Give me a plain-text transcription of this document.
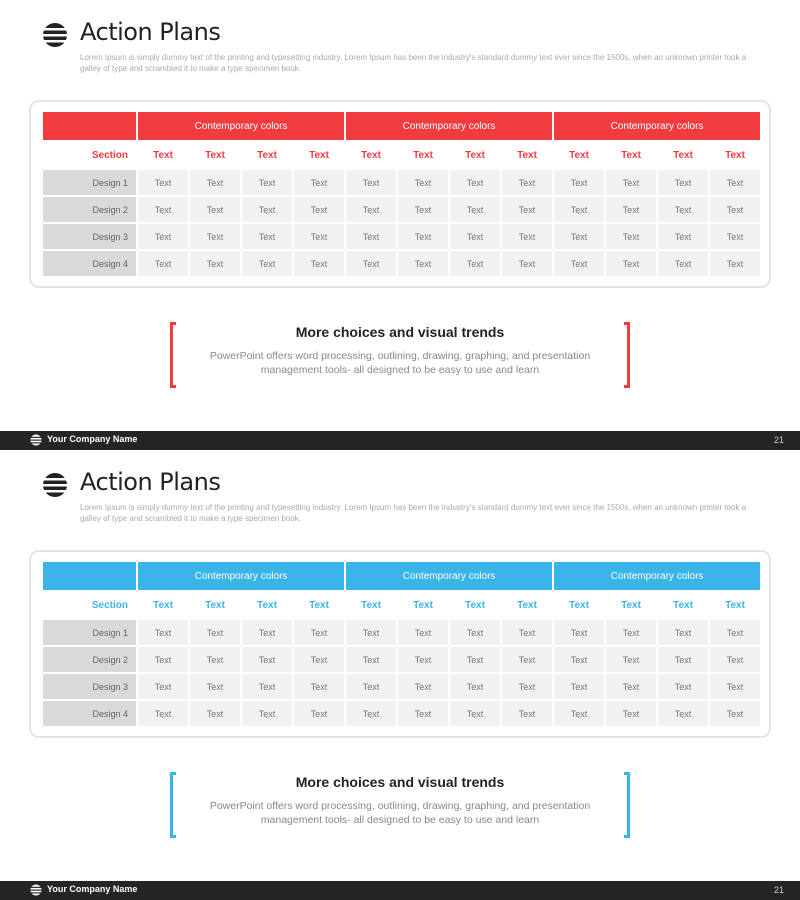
Action Plans
Lorem Ipsum is simply dummy text of the printing and typesetting industry. Lorem Ipsum has been the industry's standard dummy text ever since the 1500s, when an unknown printer took a galley of type and scrambled it to make a type specimen book.
	Contemporary colors				Contemporary colors				Contemporary colors			
Section	Text	Text	Text	Text	Text	Text	Text	Text	Text	Text	Text	Text
Design 1	Text	Text	Text	Text	Text	Text	Text	Text	Text	Text	Text	Text
Design 2	Text	Text	Text	Text	Text	Text	Text	Text	Text	Text	Text	Text
Design 3	Text	Text	Text	Text	Text	Text	Text	Text	Text	Text	Text	Text
Design 4	Text	Text	Text	Text	Text	Text	Text	Text	Text	Text	Text	Text
More choices and visual trends
PowerPoint offers word processing, outlining, drawing, graphing, and presentation management tools- all designed to be easy to use and learn
Your Company Name	21
Action Plans
Lorem Ipsum is simply dummy text of the printing and typesetting industry. Lorem Ipsum has been the industry's standard dummy text ever since the 1500s, when an unknown printer took a galley of type and scrambled it to make a type specimen book.
	Contemporary colors				Contemporary colors				Contemporary colors			
Section	Text	Text	Text	Text	Text	Text	Text	Text	Text	Text	Text	Text
Design 1	Text	Text	Text	Text	Text	Text	Text	Text	Text	Text	Text	Text
Design 2	Text	Text	Text	Text	Text	Text	Text	Text	Text	Text	Text	Text
Design 3	Text	Text	Text	Text	Text	Text	Text	Text	Text	Text	Text	Text
Design 4	Text	Text	Text	Text	Text	Text	Text	Text	Text	Text	Text	Text
More choices and visual trends
PowerPoint offers word processing, outlining, drawing, graphing, and presentation management tools- all designed to be easy to use and learn
Your Company Name	21
